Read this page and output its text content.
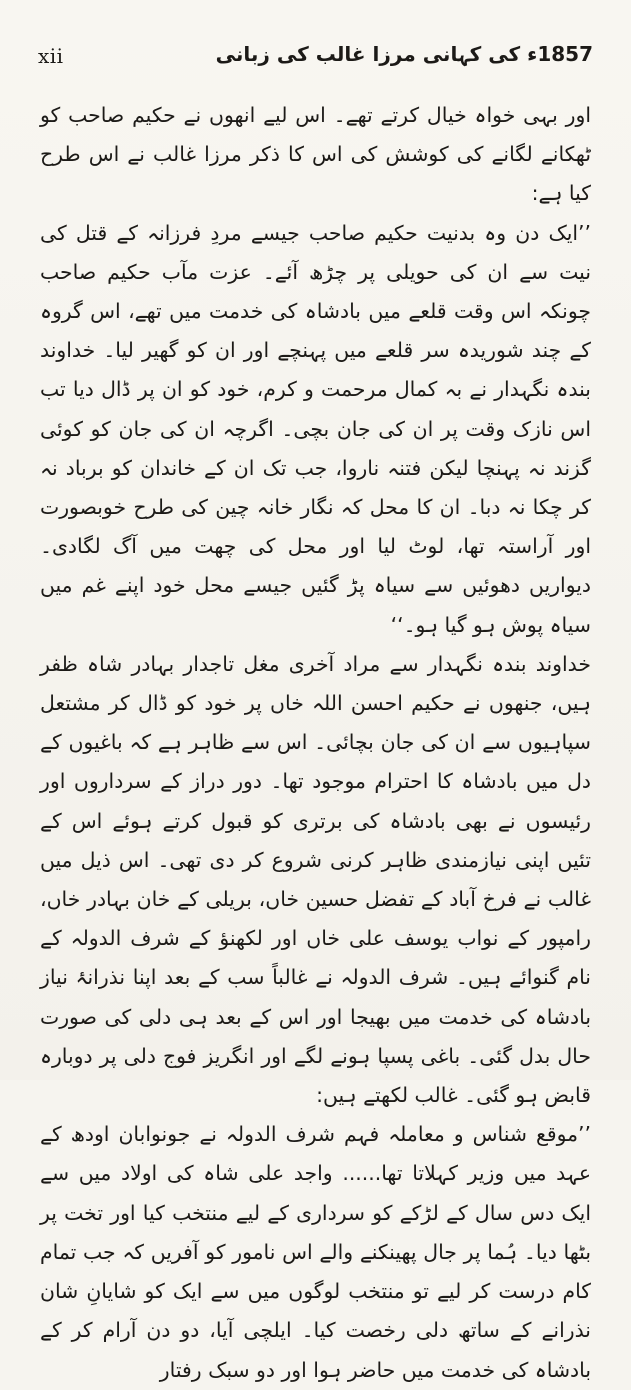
xii	1857ء کی کہانی مرزا غالب کی زبانی

اور بہی خواہ خیال کرتے تھے۔ اس لیے انھوں نے حکیم صاحب کو ٹھکانے لگانے کی کوشش کی اس کا ذکر مرزا غالب نے اس طرح کیا ہے:

’’ایک دن وہ بدنیت حکیم صاحب جیسے مردِ فرزانہ کے قتل کی نیت سے ان کی حویلی پر چڑھ آئے۔ عزت مآب حکیم صاحب چونکہ اس وقت قلعے میں بادشاہ کی خدمت میں تھے، اس گروہ کے چند شوریدہ سر قلعے میں پہنچے اور ان کو گھیر لیا۔ خداوند بندہ نگہدار نے بہ کمال مرحمت و کرم، خود کو ان پر ڈال دیا تب اس نازک وقت پر ان کی جان بچی۔ اگرچہ ان کی جان کو کوئی گزند نہ پہنچا لیکن فتنہ ناروا، جب تک ان کے خاندان کو برباد نہ کر چکا نہ دبا۔ ان کا محل کہ نگار خانہ چین کی طرح خوبصورت اور آراستہ تھا، لوٹ لیا اور محل کی چھت میں آگ لگادی۔ دیواریں دھوئیں سے سیاہ پڑ گئیں جیسے محل خود اپنے غم میں سیاہ پوش ہو گیا ہو۔‘‘

خداوند بندہ نگہدار سے مراد آخری مغل تاجدار بہادر شاہ ظفر ہیں، جنھوں نے حکیم احسن اللہ خاں پر خود کو ڈال کر مشتعل سپاہیوں سے ان کی جان بچائی۔ اس سے ظاہر ہے کہ باغیوں کے دل میں بادشاہ کا احترام موجود تھا۔ دور دراز کے سرداروں اور رئیسوں نے بھی بادشاہ کی برتری کو قبول کرتے ہوئے اس کے تئیں اپنی نیازمندی ظاہر کرنی شروع کر دی تھی۔ اس ذیل میں غالب نے فرخ آباد کے تفضل حسین خاں، بریلی کے خان بہادر خاں، رامپور کے نواب یوسف علی خاں اور لکھنؤ کے شرف الدولہ کے نام گنوائے ہیں۔ شرف الدولہ نے غالباً سب کے بعد اپنا نذرانۂ نیاز بادشاہ کی خدمت میں بھیجا اور اس کے بعد ہی دلی کی صورت حال بدل گئی۔ باغی پسپا ہونے لگے اور انگریز فوج دلی پر دوبارہ قابض ہو گئی۔ غالب لکھتے ہیں:

’’موقع شناس و معاملہ فہم شرف الدولہ نے جونوابان اودھ کے عہد میں وزیر کہلاتا تھا...... واجد علی شاہ کی اولاد میں سے ایک دس سال کے لڑکے کو سرداری کے لیے منتخب کیا اور تخت پر بٹھا دیا۔ ہُما پر جال پھینکنے والے اس نامور کو آفریں کہ جب تمام کام درست کر لیے تو منتخب لوگوں میں سے ایک کو شایانِ شان نذرانے کے ساتھ دلی رخصت کیا۔ ایلچی آیا، دو دن آرام کر کے بادشاہ کی خدمت میں حاضر ہوا اور دو سبک رفتار
